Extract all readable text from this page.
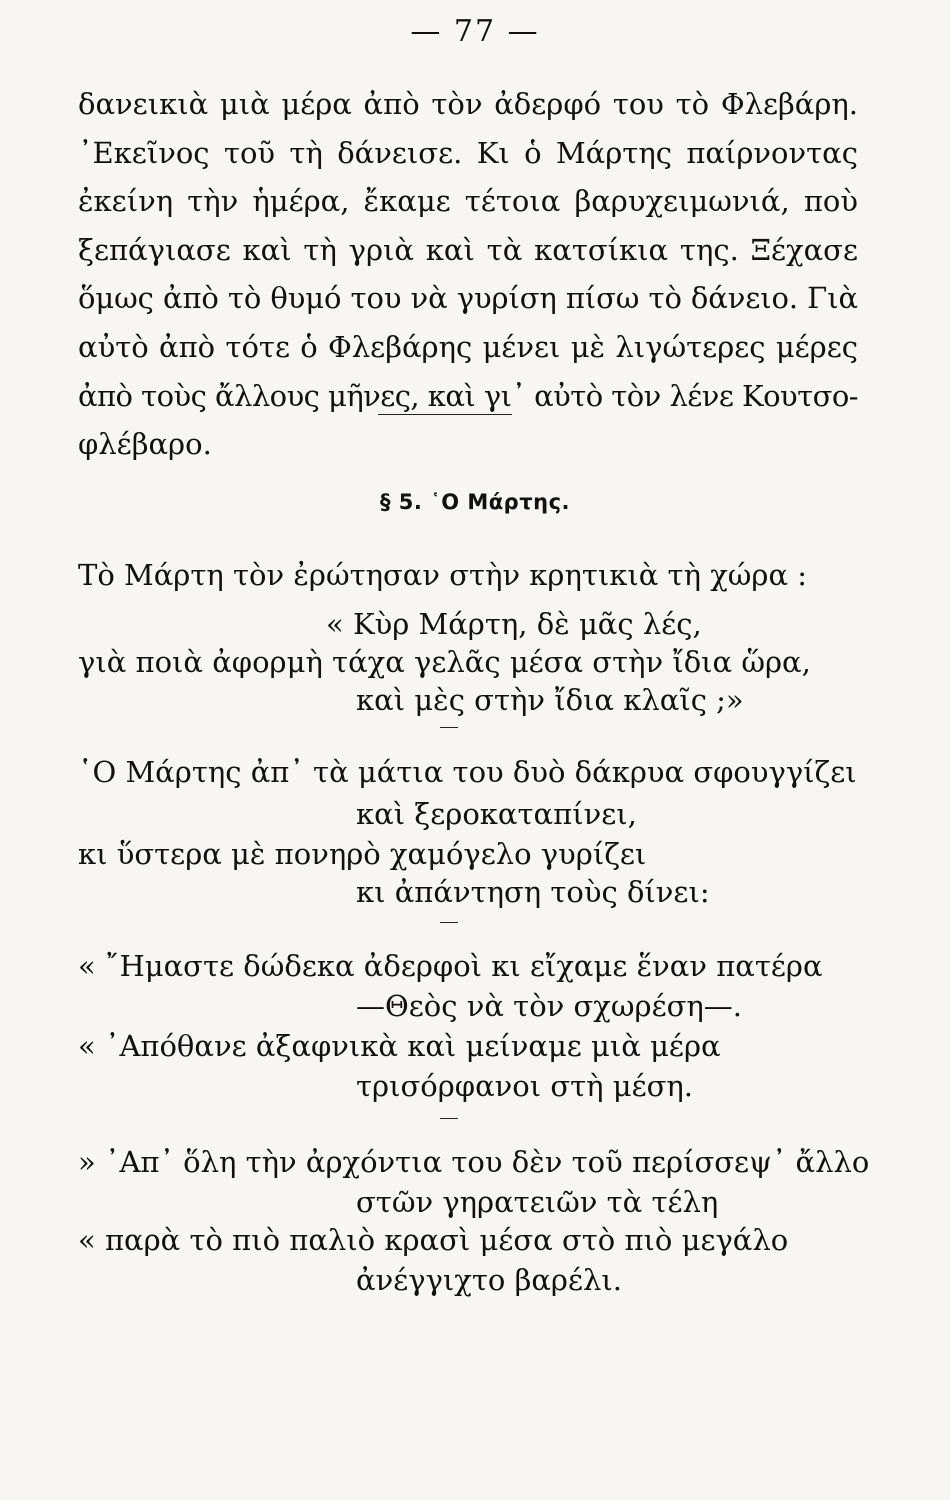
— 77 —
δανεικιὰ μιὰ μέρα ἀπὸ τὸν ἀδερφό του τὸ Φλεβάρη.
᾽Εκεῖνος τοῦ τὴ δάνεισε. Κι ὁ Μάρτης παίρνοντας
ἐκείνη τὴν ἡμέρα, ἔκαμε τέτοια βαρυχειμωνιά, ποὺ
ξεπάγιασε καὶ τὴ γριὰ καὶ τὰ κατσίκια της. Ξέχασε
ὅμως ἀπὸ τὸ θυμό του νὰ γυρίση πίσω τὸ δάνειο. Γιὰ
αὐτὸ ἀπὸ τότε ὁ Φλεβάρης μένει μὲ λιγώτερες μέρες
ἀπὸ τοὺς ἄλλους μῆνες, καὶ γι᾽ αὐτὸ τὸν λένε Κουτσο-
φλέβαρο.
§ 5. ῾Ο Μάρτης.
Τὸ Μάρτη τὸν ἐρώτησαν στὴν κρητικιὰ τὴ χώρα :
« Κὺρ Μάρτη, δὲ μᾶς λές,
γιὰ ποιὰ ἀφορμὴ τάχα γελᾶς μέσα στὴν ἴδια ὥρα,
καὶ μὲς στὴν ἴδια κλαῖς ;»
῾Ο Μάρτης ἀπ᾽ τὰ μάτια του δυὸ δάκρυα σφουγγίζει
καὶ ξεροκαταπίνει,
κι ὕστερα μὲ πονηρὸ χαμόγελο γυρίζει
κι ἀπάντηση τοὺς δίνει:
« ῎Ημαστε δώδεκα ἀδερφοὶ κι εἴχαμε ἕναν πατέρα
—Θεὸς νὰ τὸν σχωρέση—.
« ᾽Απόθανε ἀξαφνικὰ καὶ μείναμε μιὰ μέρα
τρισόρφανοι στὴ μέση.
» ᾽Απ᾽ ὅλη τὴν ἀρχόντια του δὲν τοῦ περίσσεψ᾽ ἄλλο
στῶν γηρατειῶν τὰ τέλη
« παρὰ τὸ πιὸ παλιὸ κρασὶ μέσα στὸ πιὸ μεγάλο
ἀνέγγιχτο βαρέλι.
